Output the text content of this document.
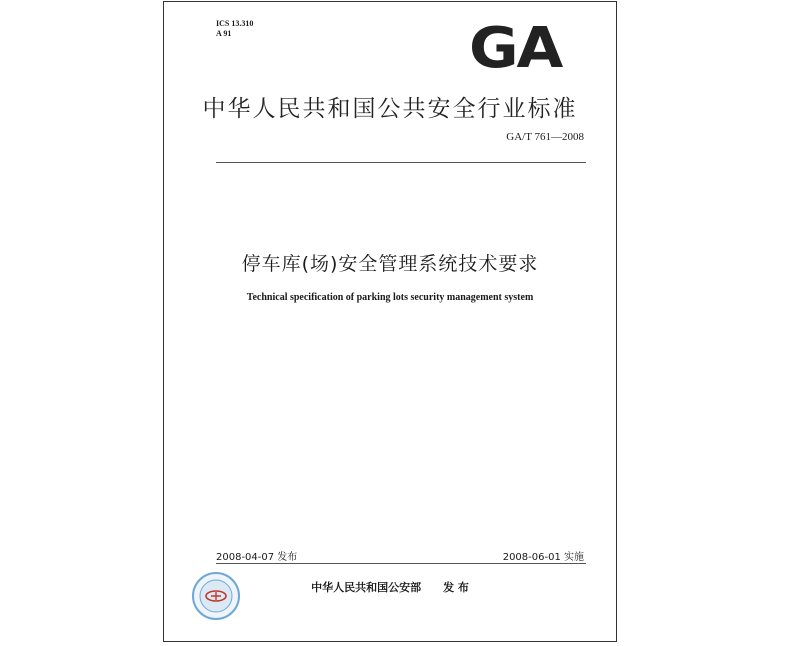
ICS 13.310
A 91	GA
中华人民共和国公共安全行业标准
GA/T 761—2008
停车库(场)安全管理系统技术要求
Technical specification of parking lots security management system
2008-04-07 发布	2008-06-01 实施
中华人民共和国公安部 发 布
